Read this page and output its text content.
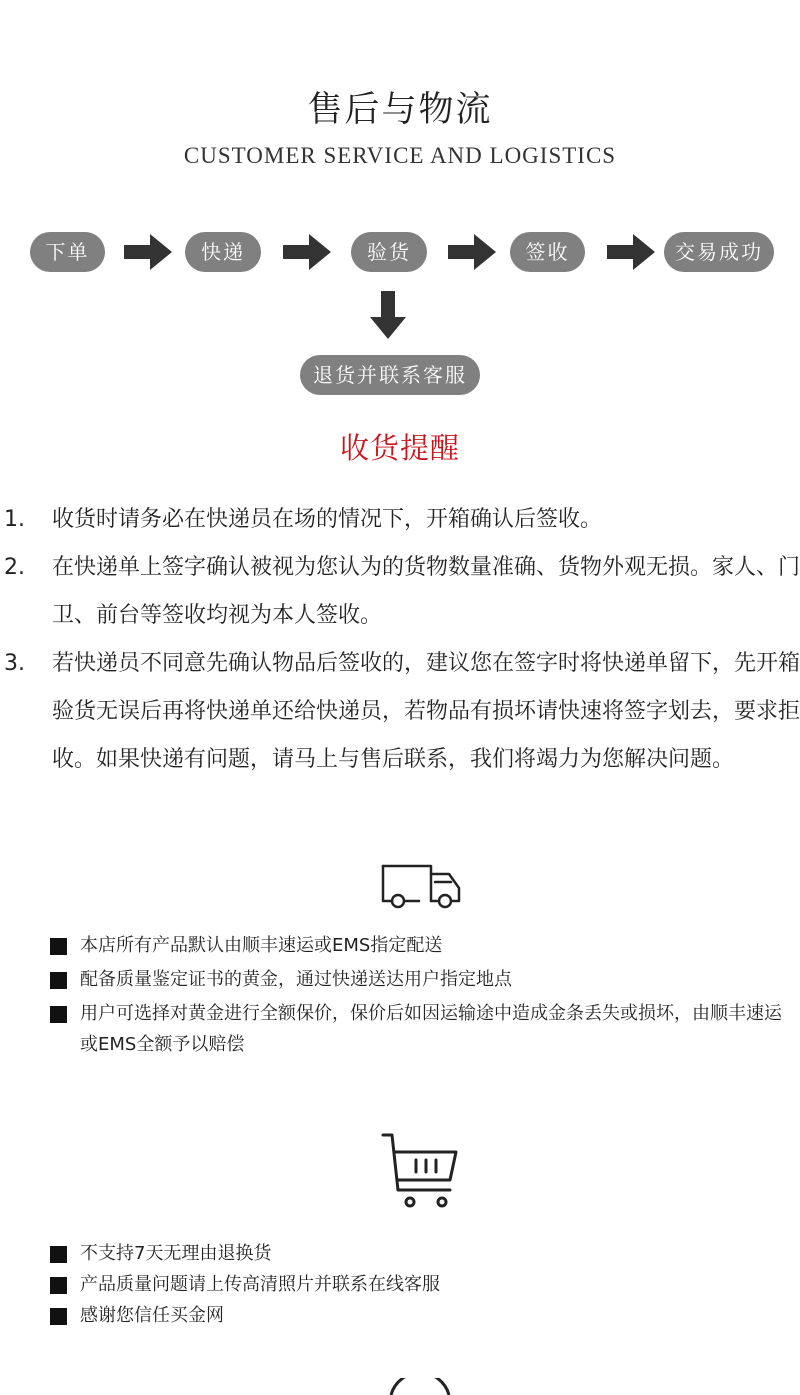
售后与物流
CUSTOMER SERVICE AND LOGISTICS
下单	快递	验货	签收	交易成功
退货并联系客服
收货提醒
1. 收货时请务必在快递员在场的情况下，开箱确认后签收。
2. 在快递单上签字确认被视为您认为的货物数量准确、货物外观无损。家人、门卫、前台等签收均视为本人签收。
3. 若快递员不同意先确认物品后签收的，建议您在签字时将快递单留下，先开箱验货无误后再将快递单还给快递员，若物品有损坏请快速将签字划去，要求拒收。如果快递有问题，请马上与售后联系，我们将竭力为您解决问题。
本店所有产品默认由顺丰速运或EMS指定配送
配备质量鉴定证书的黄金，通过快递送达用户指定地点
用户可选择对黄金进行全额保价，保价后如因运输途中造成金条丢失或损坏，由顺丰速运或EMS全额予以赔偿
不支持7天无理由退换货
产品质量问题请上传高清照片并联系在线客服
感谢您信任买金网
